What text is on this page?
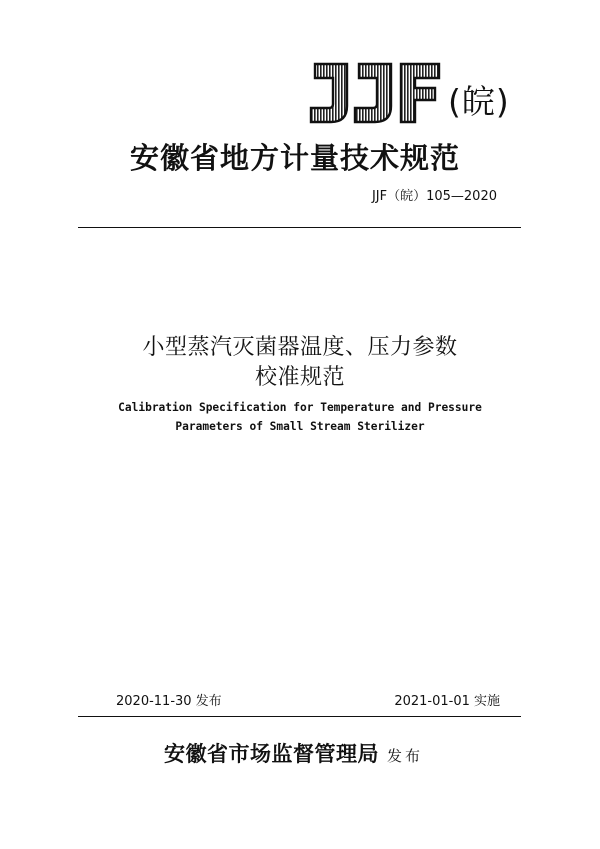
(皖)
安徽省地方计量技术规范
JJF（皖）105—2020
小型蒸汽灭菌器温度、压力参数
校准规范
Calibration Specification for Temperature and Pressure
Parameters of Small Stream Sterilizer
2020-11-30 发布	2021-01-01 实施
安徽省市场监督管理局 发布
